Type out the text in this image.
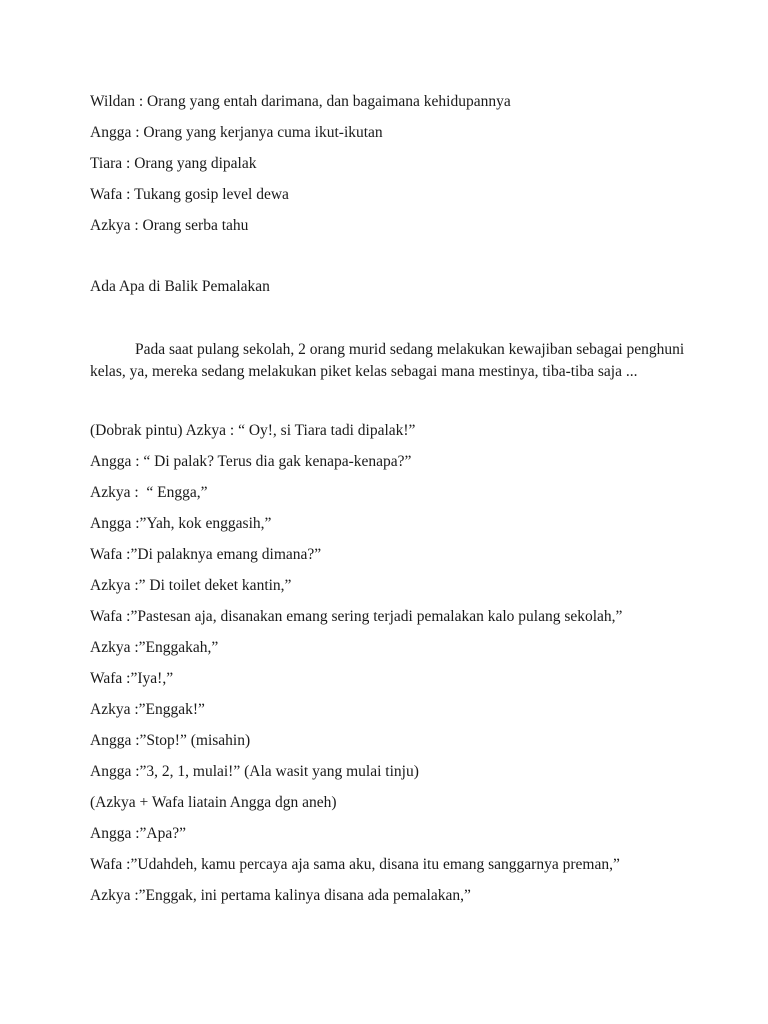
Wildan : Orang yang entah darimana, dan bagaimana kehidupannya
Angga : Orang yang kerjanya cuma ikut-ikutan
Tiara : Orang yang dipalak
Wafa : Tukang gosip level dewa
Azkya : Orang serba tahu
Ada Apa di Balik Pemalakan

Pada saat pulang sekolah, 2 orang murid sedang melakukan kewajiban sebagai penghuni

kelas, ya, mereka sedang melakukan piket kelas sebagai mana mestinya, tiba-tiba saja ...

(Dobrak pintu) Azkya : “ Oy!, si Tiara tadi dipalak!”
Angga : “ Di palak? Terus dia gak kenapa-kenapa?”
Azkya :  “ Engga,”
Angga :”Yah, kok enggasih,”
Wafa :”Di palaknya emang dimana?”
Azkya :” Di toilet deket kantin,”
Wafa :”Pastesan aja, disanakan emang sering terjadi pemalakan kalo pulang sekolah,”
Azkya :”Enggakah,”
Wafa :”Iya!,”
Azkya :”Enggak!”
Angga :”Stop!” (misahin)
Angga :”3, 2, 1, mulai!” (Ala wasit yang mulai tinju)
(Azkya + Wafa liatain Angga dgn aneh)
Angga :”Apa?”
Wafa :”Udahdeh, kamu percaya aja sama aku, disana itu emang sanggarnya preman,”
Azkya :”Enggak, ini pertama kalinya disana ada pemalakan,”
